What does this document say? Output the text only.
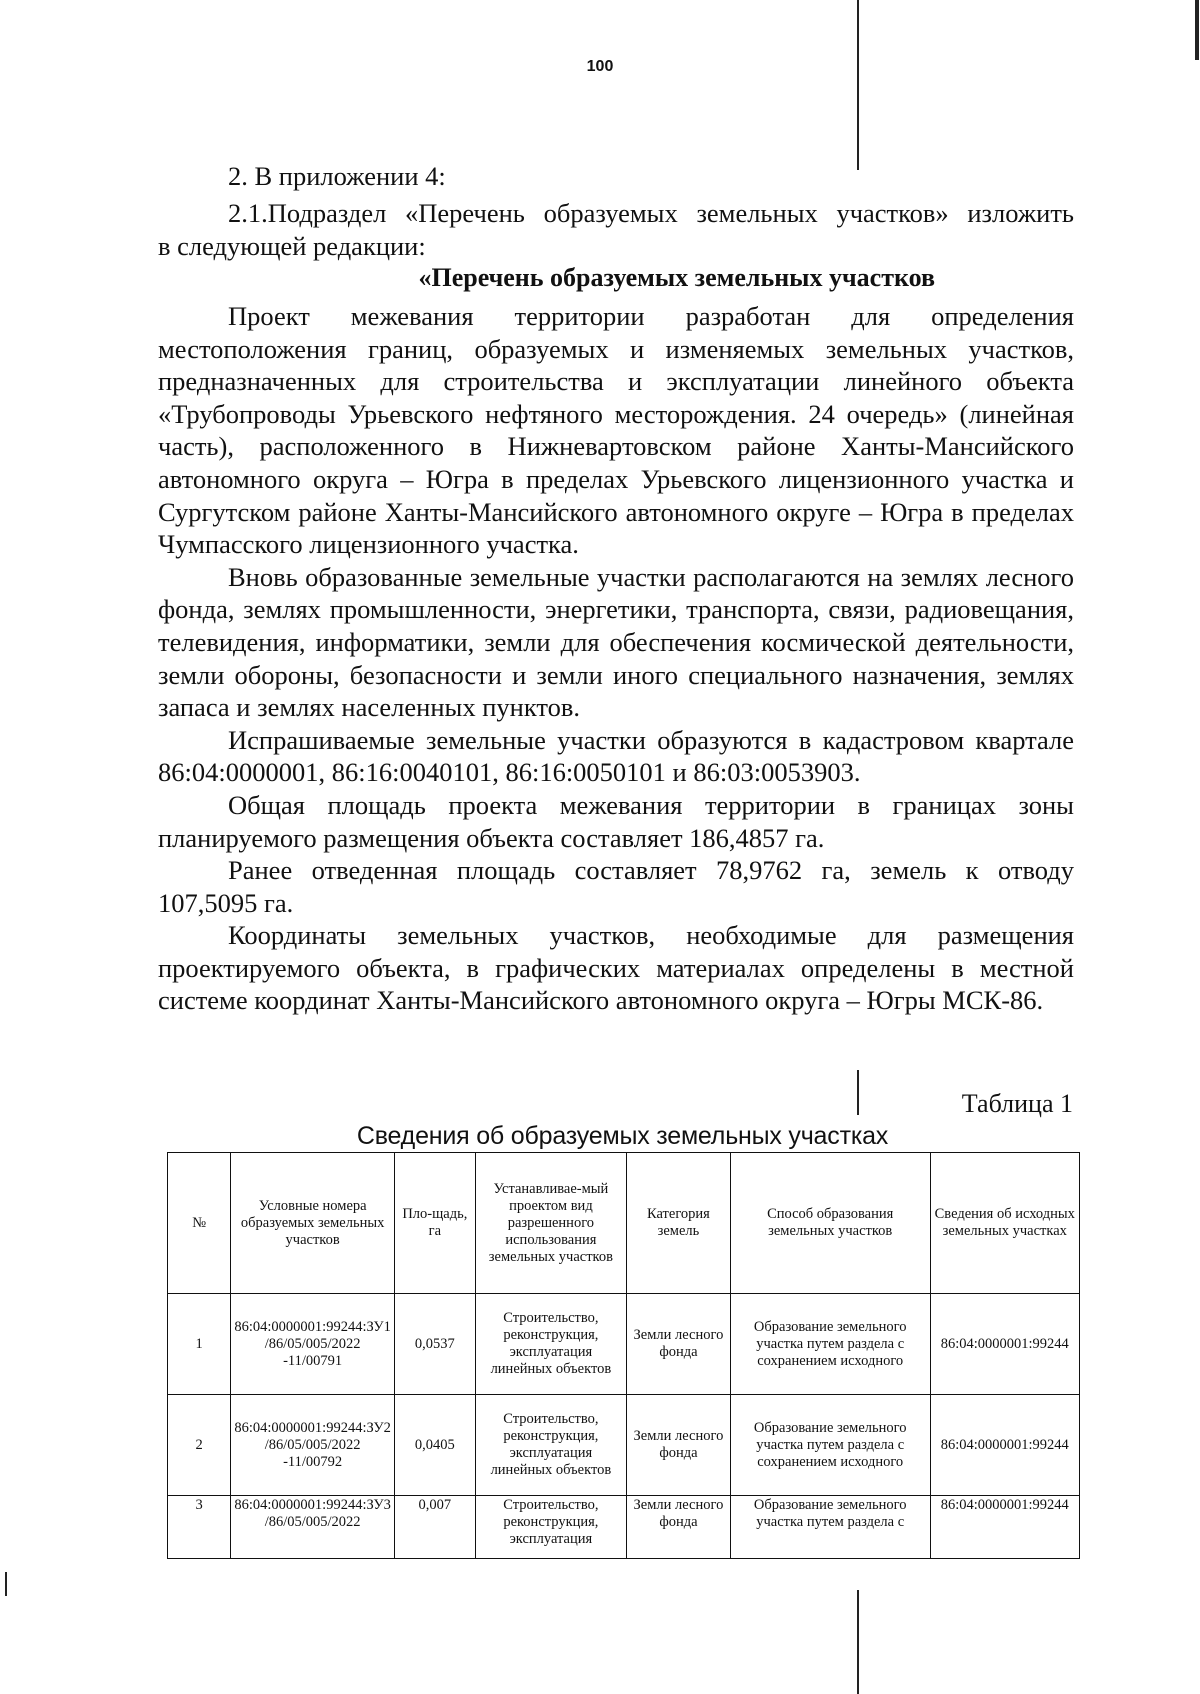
100
2. В приложении 4:
2.1.Подраздел «Перечень образуемых земельных участков» изложить
в следующей редакции:
«Перечень образуемых земельных участков

Проект межевания территории разработан для определения местоположения границ, образуемых и изменяемых земельных участков, предназначенных для строительства и эксплуатации линейного объекта «Трубопроводы Урьевского нефтяного месторождения. 24 очередь» (линейная часть), расположенного в Нижневартовском районе Ханты-Мансийского автономного округа – Югра в пределах Урьевского лицензионного участка и Сургутском районе Ханты-Мансийского автономного округе – Югра в пределах Чумпасского лицензионного участка.

Вновь образованные земельные участки располагаются на землях лесного фонда, землях промышленности, энергетики, транспорта, связи, радиовещания, телевидения, информатики, земли для обеспечения космической деятельности, земли обороны, безопасности и земли иного специального назначения, землях запаса и землях населенных пунктов.

Испрашиваемые земельные участки образуются в кадастровом квартале 86:04:0000001, 86:16:0040101, 86:16:0050101 и 86:03:0053903.

Общая площадь проекта межевания территории в границах зоны планируемого размещения объекта составляет 186,4857 га.

Ранее отведенная площадь составляет 78,9762 га, земель к отводу 107,5095 га.

Координаты земельных участков, необходимые для размещения проектируемого объекта, в графических материалах определены в местной системе координат Ханты-Мансийского автономного округа – Югры МСК-86.

Таблица 1
Сведения об образуемых земельных участках
№	Условные номера образуемых земельных участков	Пло-щадь, га	Устанавливае-мый проектом вид разрешенного использования земельных участков	Категория земель	Способ образования земельных участков	Сведения об исходных земельных участках
1	86:04:0000001:99244:ЗУ1 /86/05/005/2022 -11/00791	0,0537	Строительство, реконструкция, эксплуатация линейных объектов	Земли лесного фонда	Образование земельного участка путем раздела с сохранением исходного	86:04:0000001:99244
2	86:04:0000001:99244:ЗУ2 /86/05/005/2022 -11/00792	0,0405	Строительство, реконструкция, эксплуатация линейных объектов	Земли лесного фонда	Образование земельного участка путем раздела с сохранением исходного	86:04:0000001:99244
3	86:04:0000001:99244:ЗУ3 /86/05/005/2022	0,007	Строительство, реконструкция, эксплуатация	Земли лесного фонда	Образование земельного участка путем раздела с	86:04:0000001:99244
